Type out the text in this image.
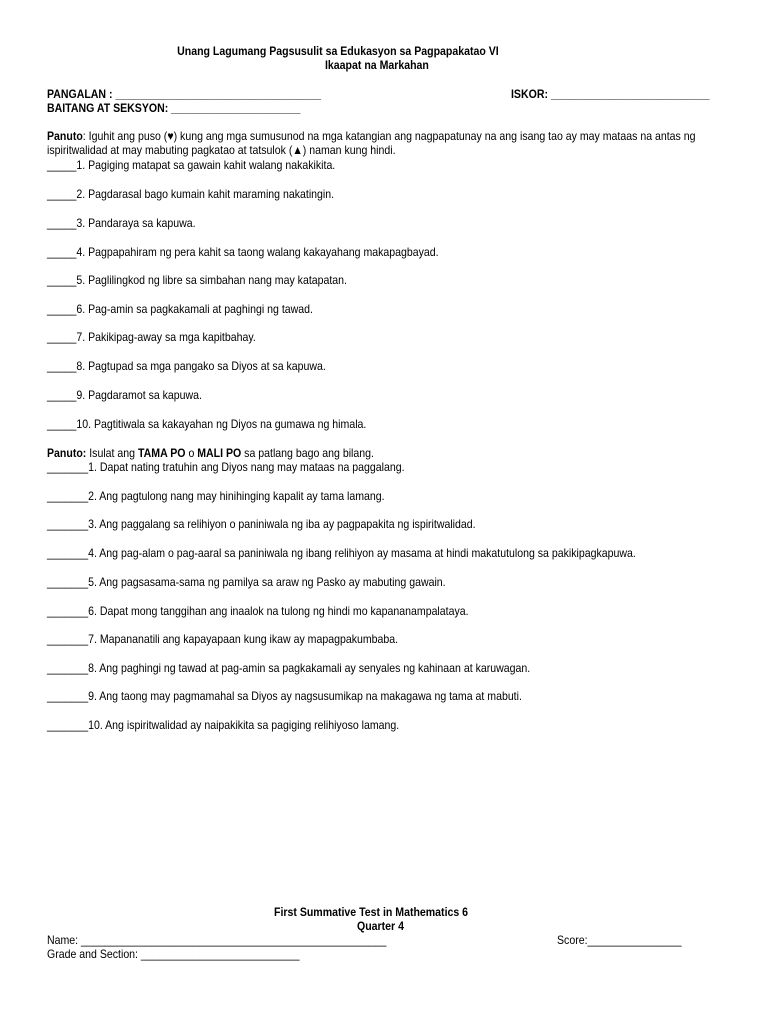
Unang Lagumang Pagsusulit sa Edukasyon sa Pagpapakatao VI
Ikaapat na Markahan
PANGALAN : ___________________________________	ISKOR: ___________________________
BAITANG AT SEKSYON: ______________________
Panuto: Iguhit ang puso (♥) kung ang mga sumusunod na mga katangian ang nagpapatunay na ang isang tao ay may mataas na antas ng ispiritwalidad at may mabuting pagkatao at tatsulok (▲) naman kung hindi.
_____1. Pagiging matapat sa gawain kahit walang nakakikita.
_____2. Pagdarasal bago kumain kahit maraming nakatingin.
_____3. Pandaraya sa kapuwa.
_____4. Pagpapahiram ng pera kahit sa taong walang kakayahang makapagbayad.
_____5. Paglilingkod ng libre sa simbahan nang may katapatan.
_____6. Pag-amin sa pagkakamali at paghingi ng tawad.
_____7. Pakikipag-away sa mga kapitbahay.
_____8. Pagtupad sa mga pangako sa Diyos at sa kapuwa.
_____9. Pagdaramot sa kapuwa.
_____10. Pagtitiwala sa kakayahan ng Diyos na gumawa ng himala.
Panuto: Isulat ang TAMA PO o MALI PO sa patlang bago ang bilang.
_______1. Dapat nating tratuhin ang Diyos nang may mataas na paggalang.
_______2. Ang pagtulong nang may hinihinging kapalit ay tama lamang.
_______3. Ang paggalang sa relihiyon o paniniwala ng iba ay pagpapakita ng ispiritwalidad.
_______4. Ang pag-alam o pag-aaral sa paniniwala ng ibang relihiyon ay masama at hindi makatutulong sa pakikipagkapuwa.
_______5. Ang pagsasama-sama ng pamilya sa araw ng Pasko ay mabuting gawain.
_______6. Dapat mong tanggihan ang inaalok na tulong ng hindi mo kapananampalataya.
_______7. Mapananatili ang kapayapaan kung ikaw ay mapagpakumbaba.
_______8. Ang paghingi ng tawad at pag-amin sa pagkakamali ay senyales ng kahinaan at karuwagan.
_______9. Ang taong may pagmamahal sa Diyos ay nagsusumikap na makagawa ng tama at mabuti.
_______10. Ang ispiritwalidad ay naipakikita sa pagiging relihiyoso lamang.
First Summative Test in Mathematics 6
Quarter 4
Name: ____________________________________________________	Score:________________
Grade and Section: ___________________________
